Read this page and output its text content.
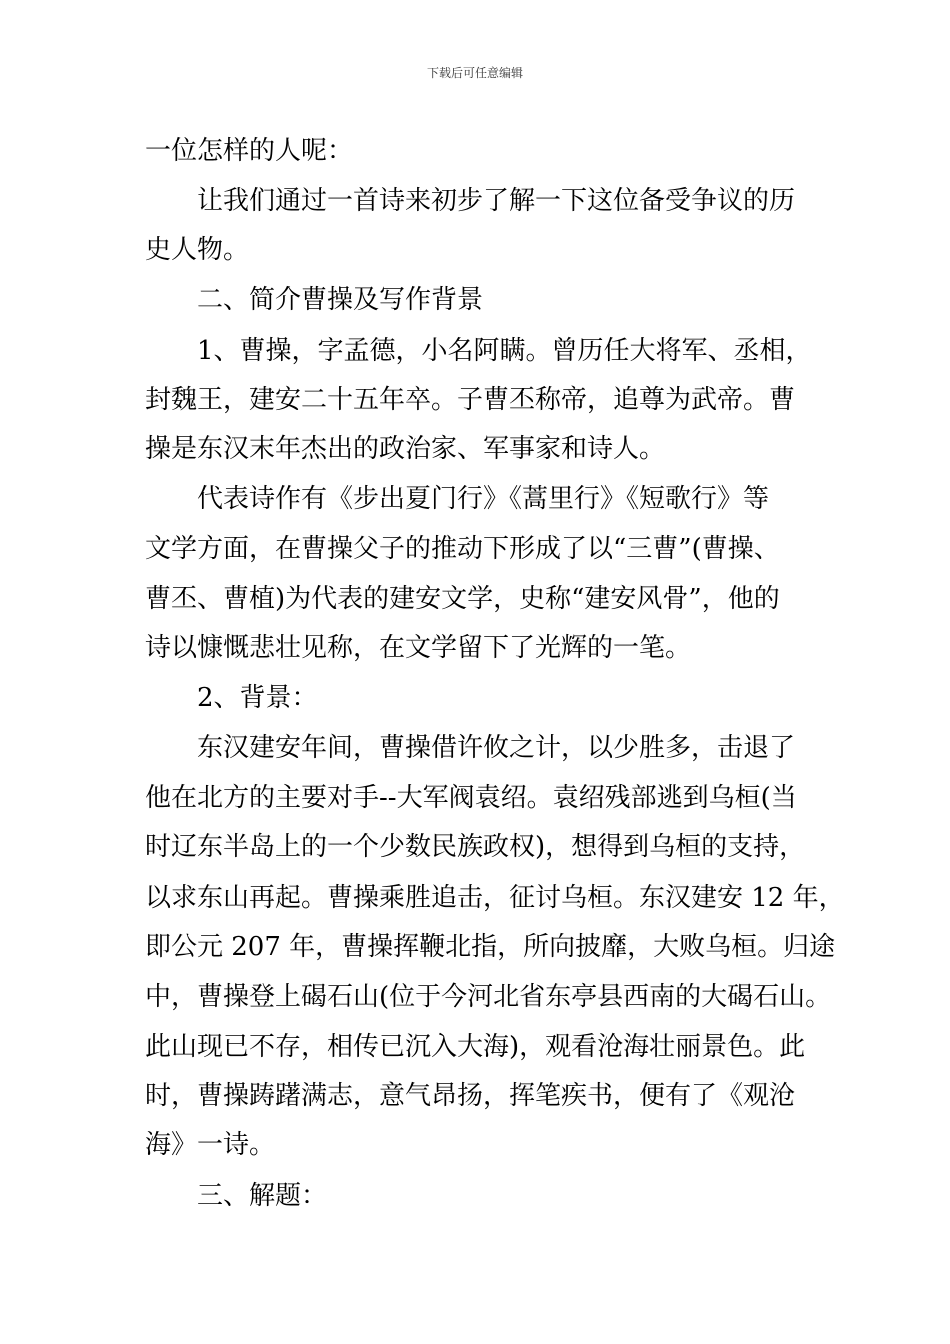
下载后可任意编辑
一位怎样的人呢：
让我们通过一首诗来初步了解一下这位备受争议的历
史人物。
二、简介曹操及写作背景
1、曹操，字孟德，小名阿瞒。曾历任大将军、丞相，
封魏王，建安二十五年卒。子曹丕称帝，追尊为武帝。曹
操是东汉末年杰出的政治家、军事家和诗人。
代表诗作有《步出夏门行》《蒿里行》《短歌行》等
文学方面，在曹操父子的推动下形成了以“三曹”(曹操、
曹丕、曹植)为代表的建安文学，史称“建安风骨”，他的
诗以慷慨悲壮见称，在文学留下了光辉的一笔。
2、背景：
东汉建安年间，曹操借许攸之计，以少胜多，击退了
他在北方的主要对手--大军阀袁绍。袁绍残部逃到乌桓(当
时辽东半岛上的一个少数民族政权)，想得到乌桓的支持，
以求东山再起。曹操乘胜追击，征讨乌桓。东汉建安 12 年，
即公元 207 年，曹操挥鞭北指，所向披靡，大败乌桓。归途
中，曹操登上碣石山(位于今河北省东亭县西南的大碣石山。
此山现已不存，相传已沉入大海)，观看沧海壮丽景色。此
时，曹操踌躇满志，意气昂扬，挥笔疾书，便有了《观沧
海》一诗。
三、解题：
